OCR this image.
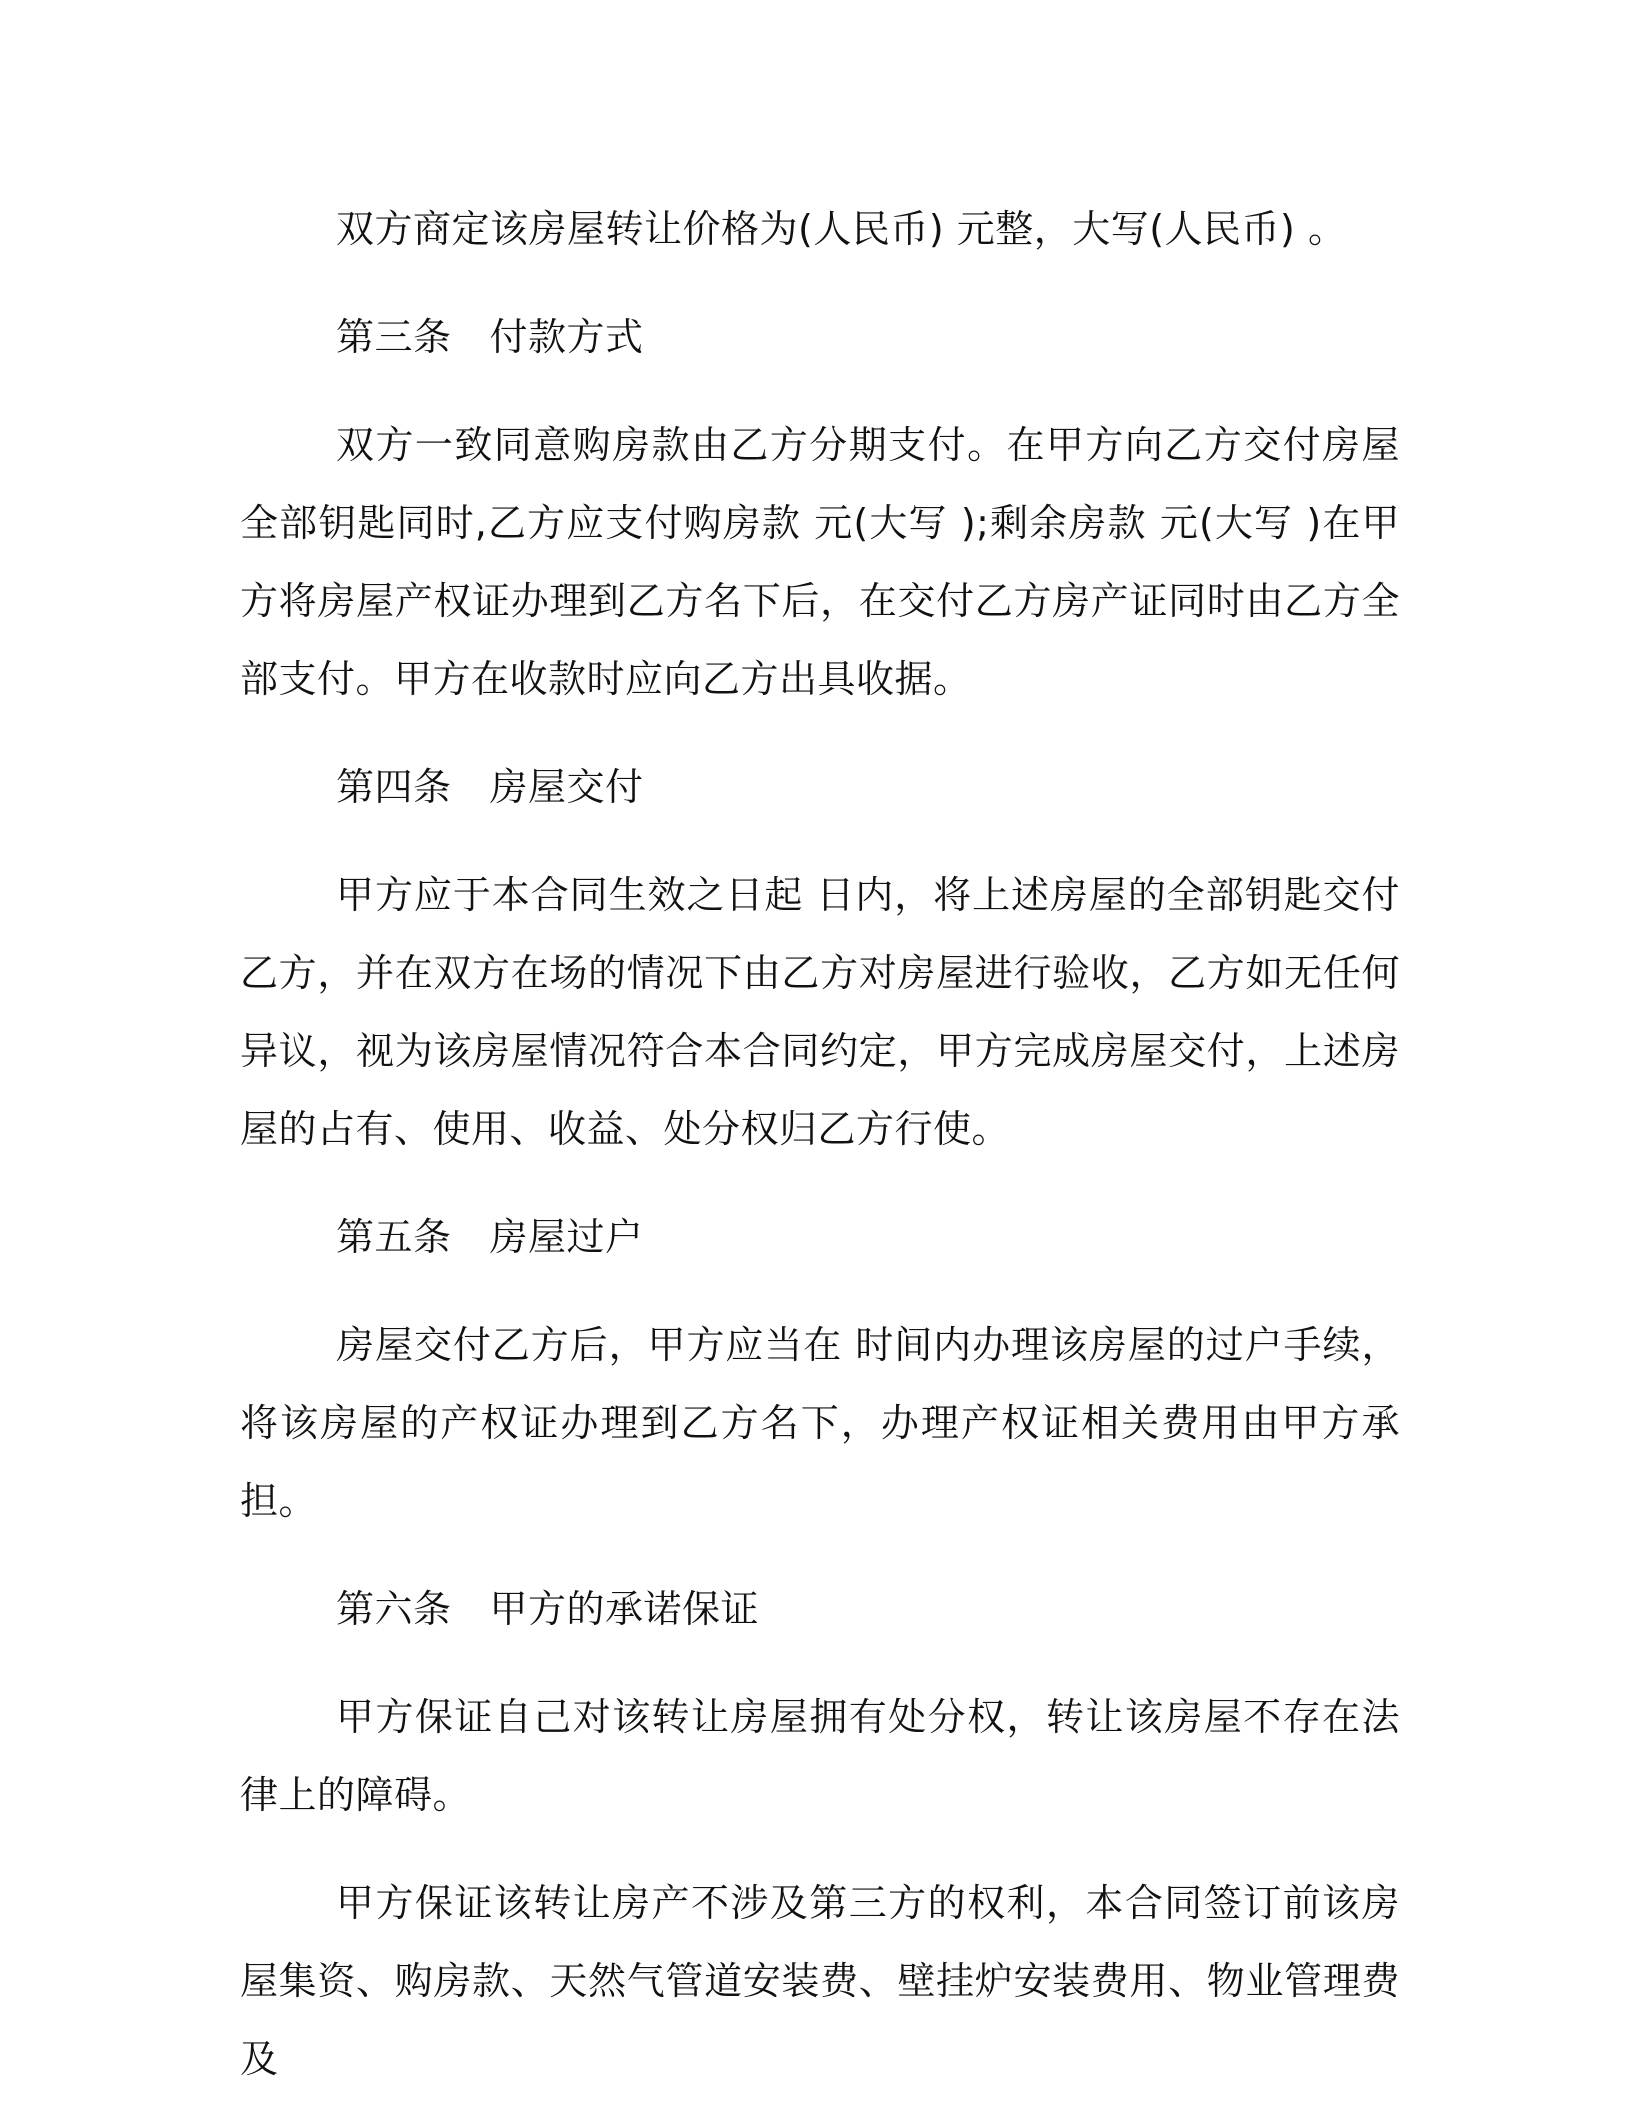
双方商定该房屋转让价格为(人民币) 元整，大写(人民币) 。

第三条 付款方式

双方一致同意购房款由乙方分期支付。在甲方向乙方交付房屋全部钥匙同时,乙方应支付购房款 元(大写 );剩余房款 元(大写 )在甲方将房屋产权证办理到乙方名下后，在交付乙方房产证同时由乙方全部支付。甲方在收款时应向乙方出具收据。

第四条 房屋交付

甲方应于本合同生效之日起 日内，将上述房屋的全部钥匙交付乙方，并在双方在场的情况下由乙方对房屋进行验收，乙方如无任何异议，视为该房屋情况符合本合同约定，甲方完成房屋交付，上述房屋的占有、使用、收益、处分权归乙方行使。

第五条 房屋过户

房屋交付乙方后，甲方应当在 时间内办理该房屋的过户手续，将该房屋的产权证办理到乙方名下，办理产权证相关费用由甲方承担。

第六条 甲方的承诺保证

甲方保证自己对该转让房屋拥有处分权，转让该房屋不存在法律上的障碍。

甲方保证该转让房产不涉及第三方的权利，本合同签订前该房屋集资、购房款、天然气管道安装费、壁挂炉安装费用、物业管理费及
